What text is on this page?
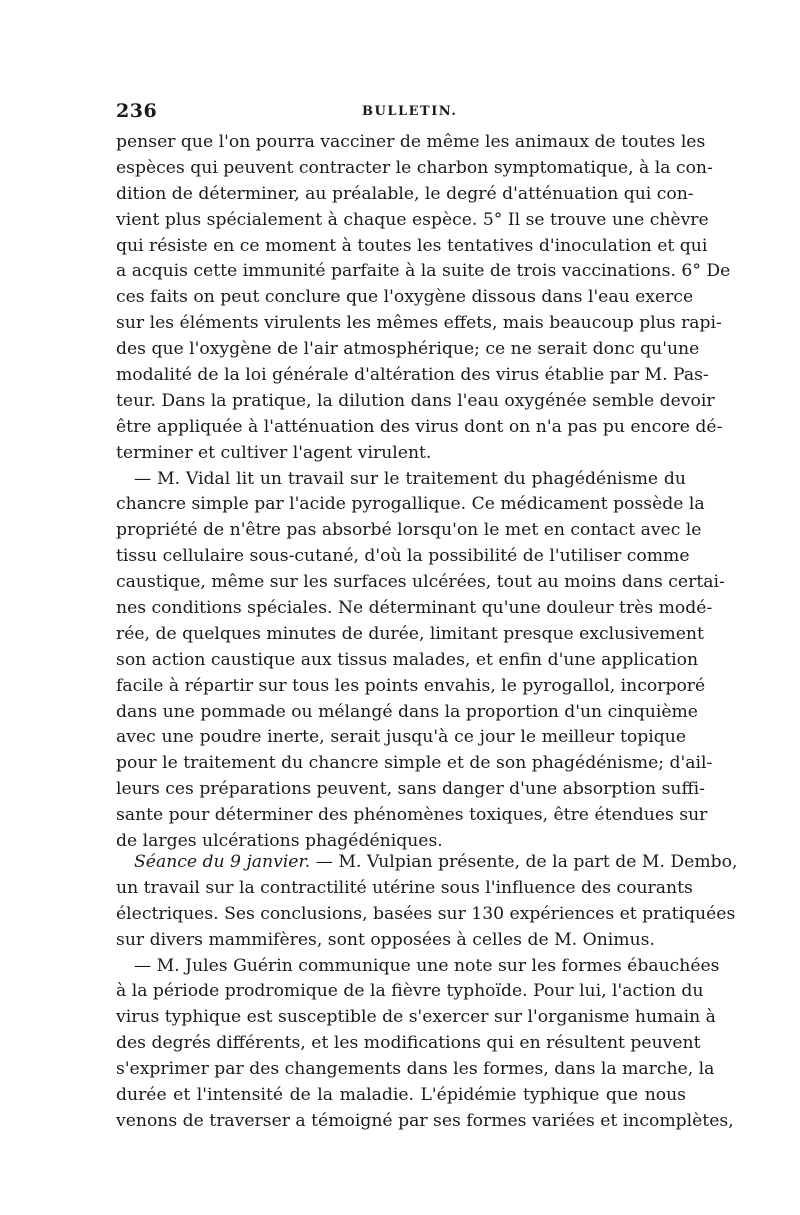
236	BULLETIN.
penser que l'on pourra vacciner de même les animaux de toutes les
espèces qui peuvent contracter le charbon symptomatique, à la con-
dition de déterminer, au préalable, le degré d'atténuation qui con-
vient plus spécialement à chaque espèce. 5° Il se trouve une chèvre
qui résiste en ce moment à toutes les tentatives d'inoculation et qui
a acquis cette immunité parfaite à la suite de trois vaccinations. 6° De
ces faits on peut conclure que l'oxygène dissous dans l'eau exerce
sur les éléments virulents les mêmes effets, mais beaucoup plus rapi-
des que l'oxygène de l'air atmosphérique; ce ne serait donc qu'une
modalité de la loi générale d'altération des virus établie par M. Pas-
teur. Dans la pratique, la dilution dans l'eau oxygénée semble devoir
être appliquée à l'atténuation des virus dont on n'a pas pu encore dé-
terminer et cultiver l'agent virulent.
— M. Vidal lit un travail sur le traitement du phagédénisme du
chancre simple par l'acide pyrogallique. Ce médicament possède la
propriété de n'être pas absorbé lorsqu'on le met en contact avec le
tissu cellulaire sous-cutané, d'où la possibilité de l'utiliser comme
caustique, même sur les surfaces ulcérées, tout au moins dans certai-
nes conditions spéciales. Ne déterminant qu'une douleur très modé-
rée, de quelques minutes de durée, limitant presque exclusivement
son action caustique aux tissus malades, et enfin d'une application
facile à répartir sur tous les points envahis, le pyrogallol, incorporé
dans une pommade ou mélangé dans la proportion d'un cinquième
avec une poudre inerte, serait jusqu'à ce jour le meilleur topique
pour le traitement du chancre simple et de son phagédénisme; d'ail-
leurs ces préparations peuvent, sans danger d'une absorption suffi-
sante pour déterminer des phénomènes toxiques, être étendues sur
de larges ulcérations phagédéniques.
Séance du 9 janvier. — M. Vulpian présente, de la part de M. Dembo,
un travail sur la contractilité utérine sous l'influence des courants
électriques. Ses conclusions, basées sur 130 expériences et pratiquées
sur divers mammifères, sont opposées à celles de M. Onimus.
— M. Jules Guérin communique une note sur les formes ébauchées
à la période prodromique de la fièvre typhoïde. Pour lui, l'action du
virus typhique est susceptible de s'exercer sur l'organisme humain à
des degrés différents, et les modifications qui en résultent peuvent
s'exprimer par des changements dans les formes, dans la marche, la
durée et l'intensité de la maladie. L'épidémie typhique que nous
venons de traverser a témoigné par ses formes variées et incomplètes,
